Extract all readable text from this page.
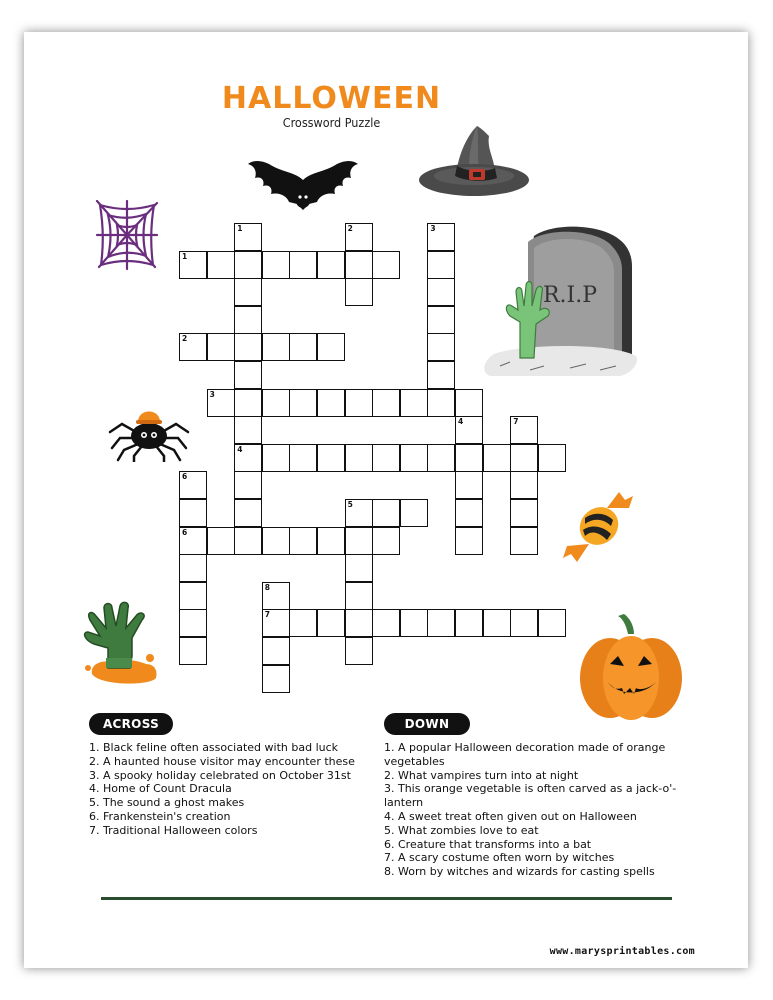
HALLOWEEN
Crossword Puzzle
R.I.P
1
2
3
4
5
6
7
1	2	3
4	7
6
8
ACROSS
1. Black feline often associated with bad luck
2. A haunted house visitor may encounter these
3. A spooky holiday celebrated on October 31st
4. Home of Count Dracula
5. The sound a ghost makes
6. Frankenstein's creation
7. Traditional Halloween colors
DOWN
1. A popular Halloween decoration made of orange vegetables
2. What vampires turn into at night
3. This orange vegetable is often carved as a jack-o'-lantern
4. A sweet treat often given out on Halloween
5. What zombies love to eat
6. Creature that transforms into a bat
7. A scary costume often worn by witches
8. Worn by witches and wizards for casting spells
www.marysprintables.com
